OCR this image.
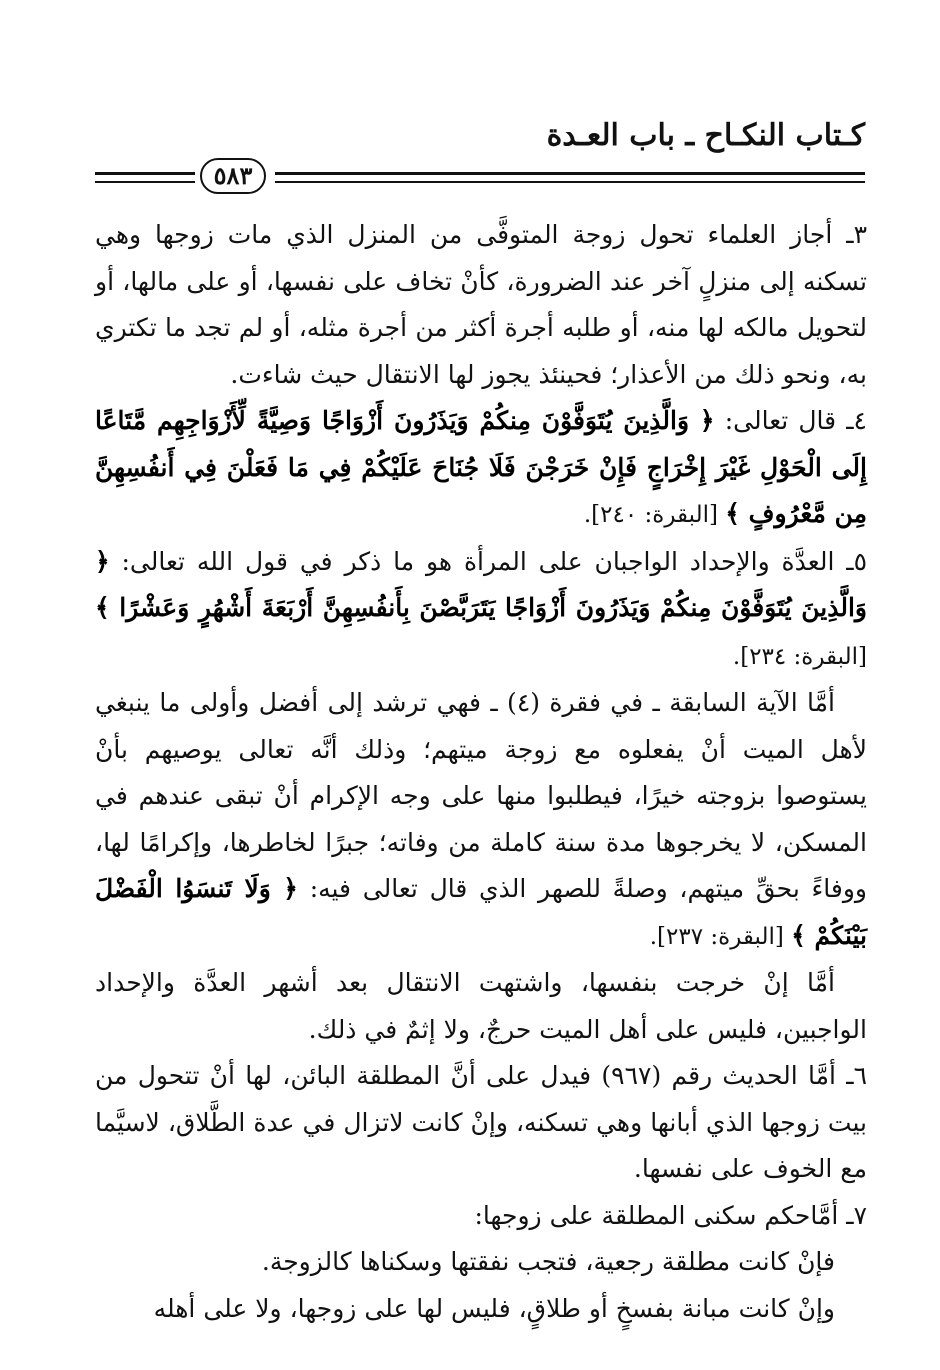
كـتاب النكـاح ـ باب العـدة
٥٨٣

٣ـ أجاز العلماء تحول زوجة المتوفَّى من المنزل الذي مات زوجها وهي تسكنه إلى منزلٍ آخر عند الضرورة، كأنْ تخاف على نفسها، أو على مالها، أو لتحويل مالكه لها منه، أو طلبه أجرة أكثر من أجرة مثله، أو لم تجد ما تكتري به، ونحو ذلك من الأعذار؛ فحينئذ يجوز لها الانتقال حيث شاءت.

٤ـ قال تعالى: ﴿ وَالَّذِينَ يُتَوَفَّوْنَ مِنكُمْ وَيَذَرُونَ أَزْوَاجًا وَصِيَّةً لِّأَزْوَاجِهِم مَّتَاعًا إِلَى الْحَوْلِ غَيْرَ إِخْرَاجٍ فَإِنْ خَرَجْنَ فَلَا جُنَاحَ عَلَيْكُمْ فِي مَا فَعَلْنَ فِي أَنفُسِهِنَّ مِن مَّعْرُوفٍ ﴾ [البقرة: ٢٤٠].

٥ـ العدَّة والإحداد الواجبان على المرأة هو ما ذكر في قول الله تعالى: ﴿ وَالَّذِينَ يُتَوَفَّوْنَ مِنكُمْ وَيَذَرُونَ أَزْوَاجًا يَتَرَبَّصْنَ بِأَنفُسِهِنَّ أَرْبَعَةَ أَشْهُرٍ وَعَشْرًا ﴾ [البقرة: ٢٣٤].

أمَّا الآية السابقة ـ في فقرة (٤) ـ فهي ترشد إلى أفضل وأولى ما ينبغي لأهل الميت أنْ يفعلوه مع زوجة ميتهم؛ وذلك أنَّه تعالى يوصيهم بأنْ يستوصوا بزوجته خيرًا، فيطلبوا منها على وجه الإكرام أنْ تبقى عندهم في المسكن، لا يخرجوها مدة سنة كاملة من وفاته؛ جبرًا لخاطرها، وإكرامًا لها، ووفاءً بحقِّ ميتهم، وصلةً للصهر الذي قال تعالى فيه: ﴿ وَلَا تَنسَوُا الْفَضْلَ بَيْنَكُمْ ﴾ [البقرة: ٢٣٧].

أمَّا إنْ خرجت بنفسها، واشتهت الانتقال بعد أشهر العدَّة والإحداد الواجبين، فليس على أهل الميت حرجٌ، ولا إثمٌ في ذلك.

٦ـ أمَّا الحديث رقم (٩٦٧) فيدل على أنَّ المطلقة البائن، لها أنْ تتحول من بيت زوجها الذي أبانها وهي تسكنه، وإنْ كانت لاتزال في عدة الطَّلاق، لاسيَّما مع الخوف على نفسها.

٧ـ أمَّاحكم سكنى المطلقة على زوجها:

فإنْ كانت مطلقة رجعية، فتجب نفقتها وسكناها كالزوجة.

وإنْ كانت مبانة بفسخٍ أو طلاقٍ، فليس لها على زوجها، ولا على أهله
